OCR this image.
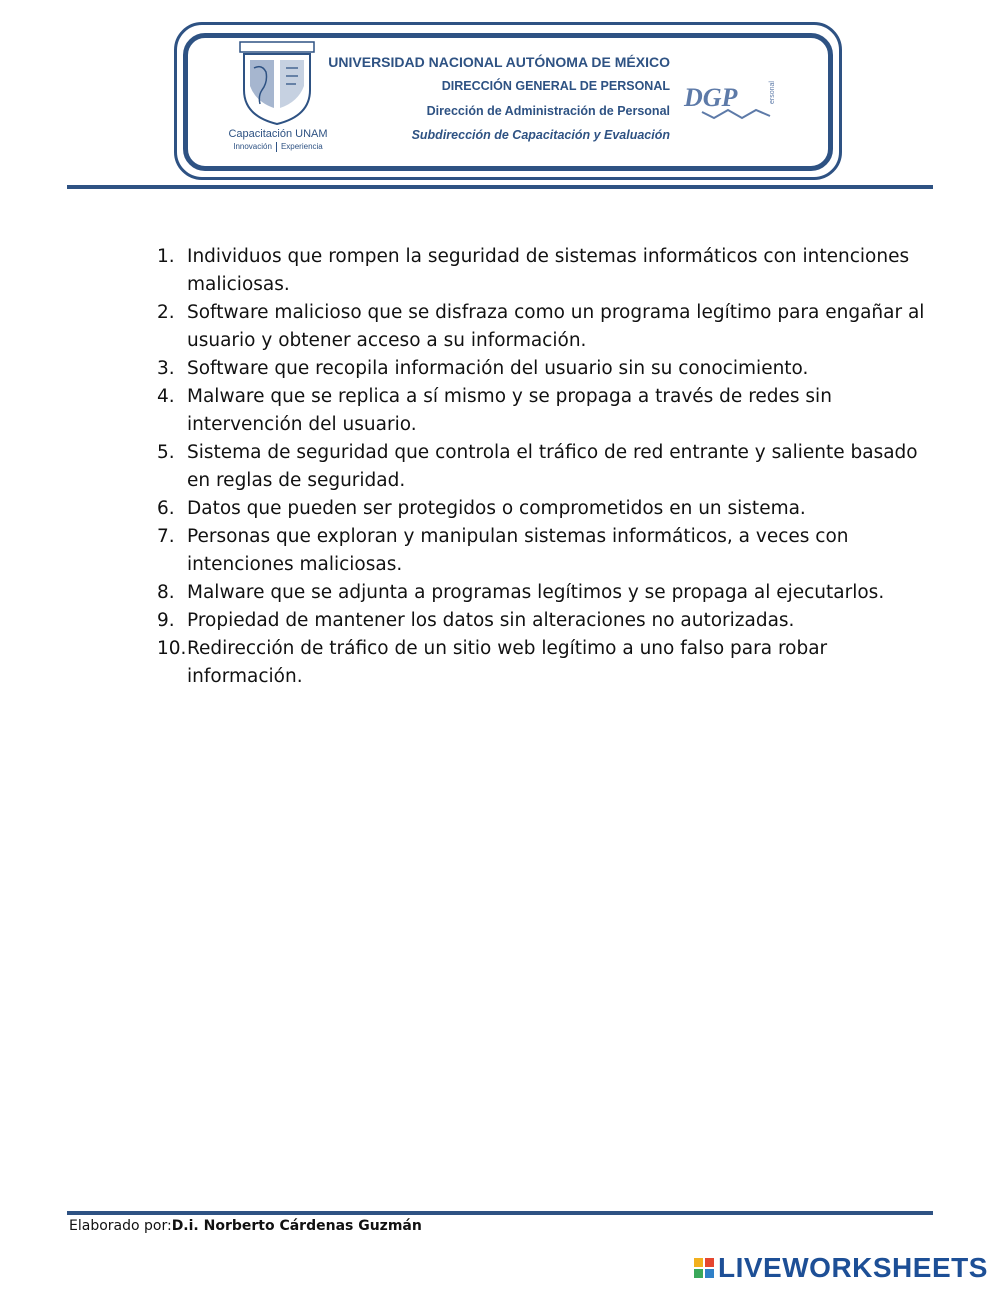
Capacitación UNAM
Innovación Experiencia
UNIVERSIDAD NACIONAL AUTÓNOMA DE MÉXICO
DIRECCIÓN GENERAL DE PERSONAL
Dirección de Administración de Personal
Subdirección de Capacitación y Evaluación
DGP	ersonal
1. Individuos que rompen la seguridad de sistemas informáticos con intenciones maliciosas.
2. Software malicioso que se disfraza como un programa legítimo para engañar al usuario y obtener acceso a su información.
3. Software que recopila información del usuario sin su conocimiento.
4. Malware que se replica a sí mismo y se propaga a través de redes sin intervención del usuario.
5. Sistema de seguridad que controla el tráfico de red entrante y saliente basado en reglas de seguridad.
6. Datos que pueden ser protegidos o comprometidos en un sistema.
7. Personas que exploran y manipulan sistemas informáticos, a veces con intenciones maliciosas.
8. Malware que se adjunta a programas legítimos y se propaga al ejecutarlos.
9. Propiedad de mantener los datos sin alteraciones no autorizadas.
10. Redirección de tráfico de un sitio web legítimo a uno falso para robar información.
Elaborado por:D.i. Norberto Cárdenas Guzmán
LIVEWORKSHEETS
